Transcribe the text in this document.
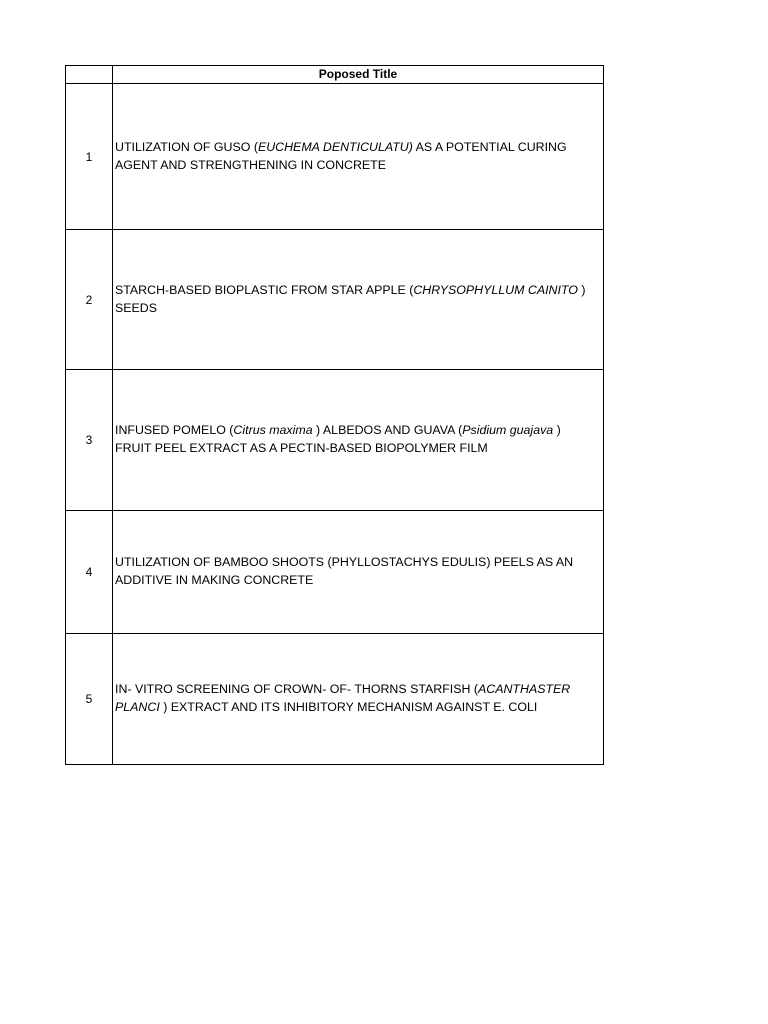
	Poposed Title
1	UTILIZATION OF GUSO (EUCHEMA DENTICULATU) AS A POTENTIAL CURING AGENT AND STRENGTHENING IN CONCRETE

2	STARCH-BASED BIOPLASTIC FROM STAR APPLE (CHRYSOPHYLLUM CAINITO ) SEEDS

3	INFUSED POMELO (Citrus maxima ) ALBEDOS AND GUAVA (Psidium guajava ) FRUIT PEEL EXTRACT AS A PECTIN-BASED BIOPOLYMER FILM

4	UTILIZATION OF BAMBOO SHOOTS (PHYLLOSTACHYS EDULIS) PEELS AS AN ADDITIVE IN MAKING CONCRETE

5	IN- VITRO SCREENING OF CROWN- OF- THORNS STARFISH (ACANTHASTER PLANCI ) EXTRACT AND ITS INHIBITORY MECHANISM AGAINST E. COLI
